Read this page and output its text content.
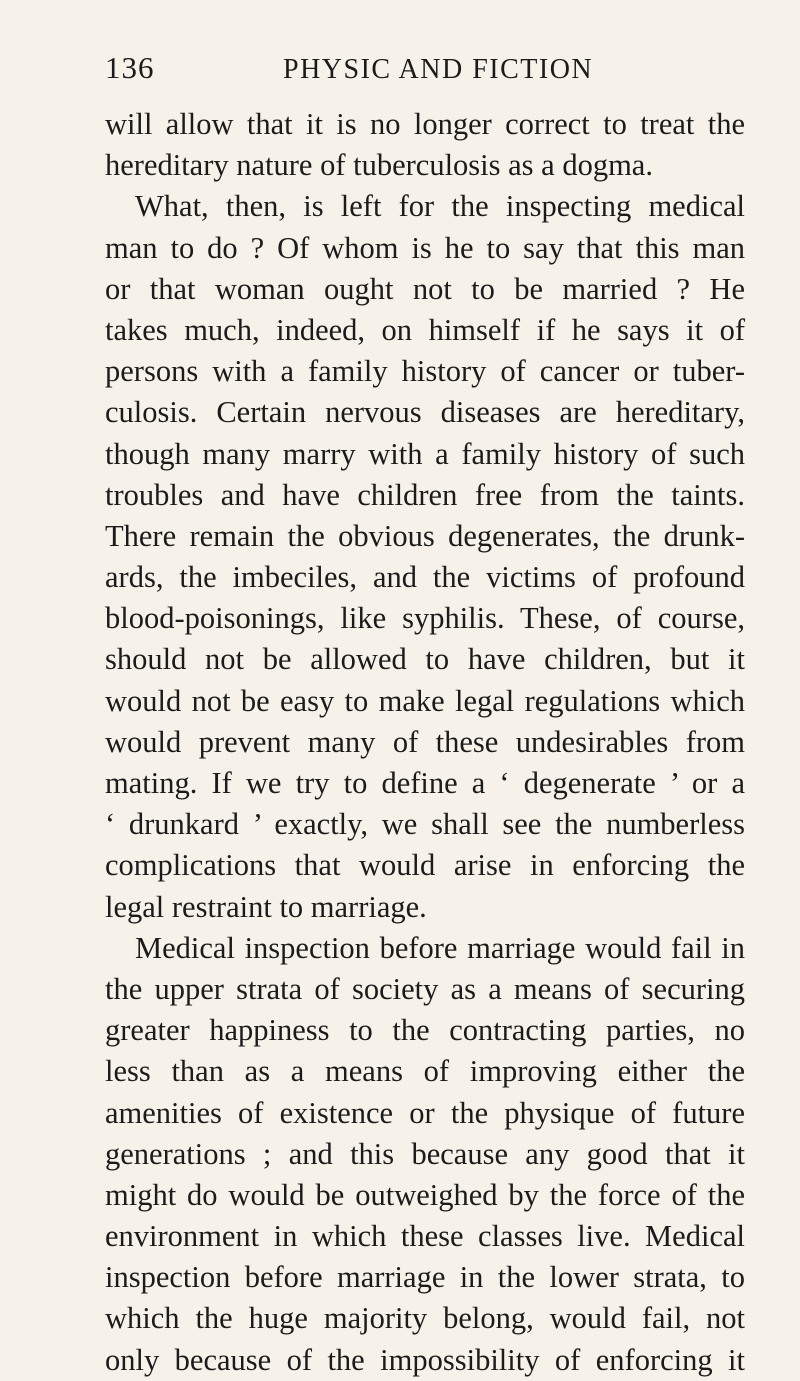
136	PHYSIC AND FICTION
will allow that it is no longer correct to treat the
hereditary nature of tuberculosis as a dogma.
What, then, is left for the inspecting medical
man to do ? Of whom is he to say that this man
or that woman ought not to be married ? He
takes much, indeed, on himself if he says it of
persons with a family history of cancer or tuber-
culosis. Certain nervous diseases are hereditary,
though many marry with a family history of such
troubles and have children free from the taints.
There remain the obvious degenerates, the drunk-
ards, the imbeciles, and the victims of profound
blood-poisonings, like syphilis. These, of course,
should not be allowed to have children, but it
would not be easy to make legal regulations which
would prevent many of these undesirables from
mating. If we try to define a ‘ degenerate ’ or a
‘ drunkard ’ exactly, we shall see the numberless
complications that would arise in enforcing the
legal restraint to marriage.
Medical inspection before marriage would fail in
the upper strata of society as a means of securing
greater happiness to the contracting parties, no
less than as a means of improving either the
amenities of existence or the physique of future
generations ; and this because any good that it
might do would be outweighed by the force of the
environment in which these classes live. Medical
inspection before marriage in the lower strata, to
which the huge majority belong, would fail, not
only because of the impossibility of enforcing it
